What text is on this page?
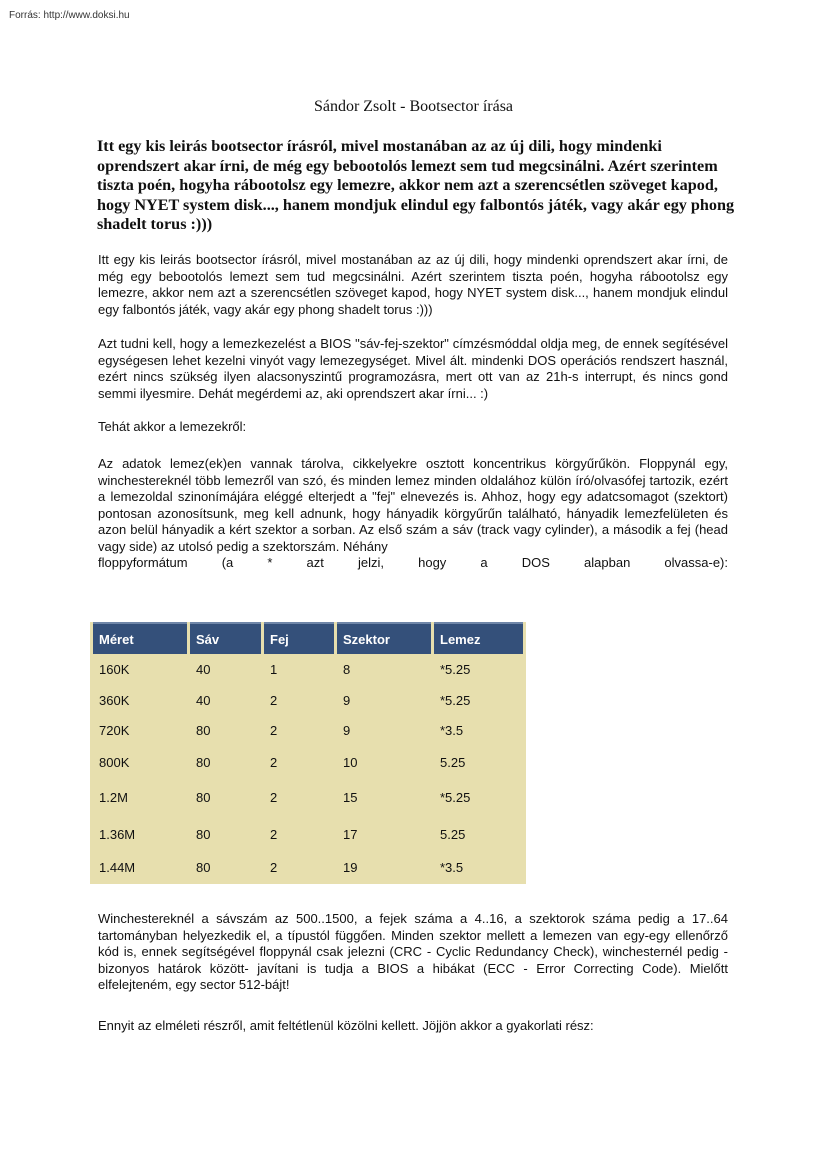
Forrás: http://www.doksi.hu
Sándor Zsolt - Bootsector írása
Itt egy kis leirás bootsector írásról, mivel mostanában az az új dili, hogy mindenki oprendszert akar írni, de még egy bebootolós lemezt sem tud megcsinálni. Azért szerintem tiszta poén, hogyha rábootolsz egy lemezre, akkor nem azt a szerencsétlen szöveget kapod, hogy NYET system disk..., hanem mondjuk elindul egy falbontós játék, vagy akár egy phong shadelt torus :)))

Itt egy kis leirás bootsector írásról, mivel mostanában az az új dili, hogy mindenki oprendszert akar írni, de még egy bebootolós lemezt sem tud megcsinálni. Azért szerintem tiszta poén, hogyha rábootolsz egy lemezre, akkor nem azt a szerencsétlen szöveget kapod, hogy NYET system disk..., hanem mondjuk elindul egy falbontós játék, vagy akár egy phong shadelt torus :)))

Azt tudni kell, hogy a lemezkezelést a BIOS "sáv-fej-szektor" címzésmóddal oldja meg, de ennek segítésével egységesen lehet kezelni vinyót vagy lemezegységet. Mivel ált. mindenki DOS operációs rendszert használ, ezért nincs szükség ilyen alacsonyszintű programozásra, mert ott van az 21h-s interrupt, és nincs gond semmi ilyesmire. Dehát megérdemi az, aki oprendszert akar írni... :)

Tehát akkor a lemezekről:

Az adatok lemez(ek)en vannak tárolva, cikkelyekre osztott koncentrikus körgyűrűkön. Floppynál egy, winchestereknél több lemezről van szó, és minden lemez minden oldalához külön író/olvasófej tartozik, ezért a lemezoldal szinonímájára eléggé elterjedt a "fej" elnevezés is. Ahhoz, hogy egy adatcsomagot (szektort) pontosan azonosítsunk, meg kell adnunk, hogy hányadik körgyűrűn található, hányadik lemezfelületen és azon belül hányadik a kért szektor a sorban. Az első szám a sáv (track vagy cylinder), a második a fej (head vagy side) az utolsó pedig a szektorszám. Néhány
floppyformátum (a * azt jelzi, hogy a DOS alapban olvassa-e):

Méret	Sáv	Fej	Szektor	Lemez
160K	40	1	8	*5.25
360K	40	2	9	*5.25
720K	80	2	9	*3.5
800K	80	2	10	5.25
1.2M	80	2	15	*5.25
1.36M	80	2	17	5.25
1.44M	80	2	19	*3.5

Winchestereknél a sávszám az 500..1500, a fejek száma a 4..16, a szektorok száma pedig a 17..64 tartományban helyezkedik el, a típustól függően. Minden szektor mellett a lemezen van egy-egy ellenőrző kód is, ennek segítségével floppynál csak jelezni (CRC - Cyclic Redundancy Check), winchesternél pedig -bizonyos határok között- javítani is tudja a BIOS a hibákat (ECC - Error Correcting Code). Mielőtt elfelejteném, egy sector 512-bájt!

Ennyit az elméleti részről, amit feltétlenül közölni kellett. Jöjjön akkor a gyakorlati rész:
